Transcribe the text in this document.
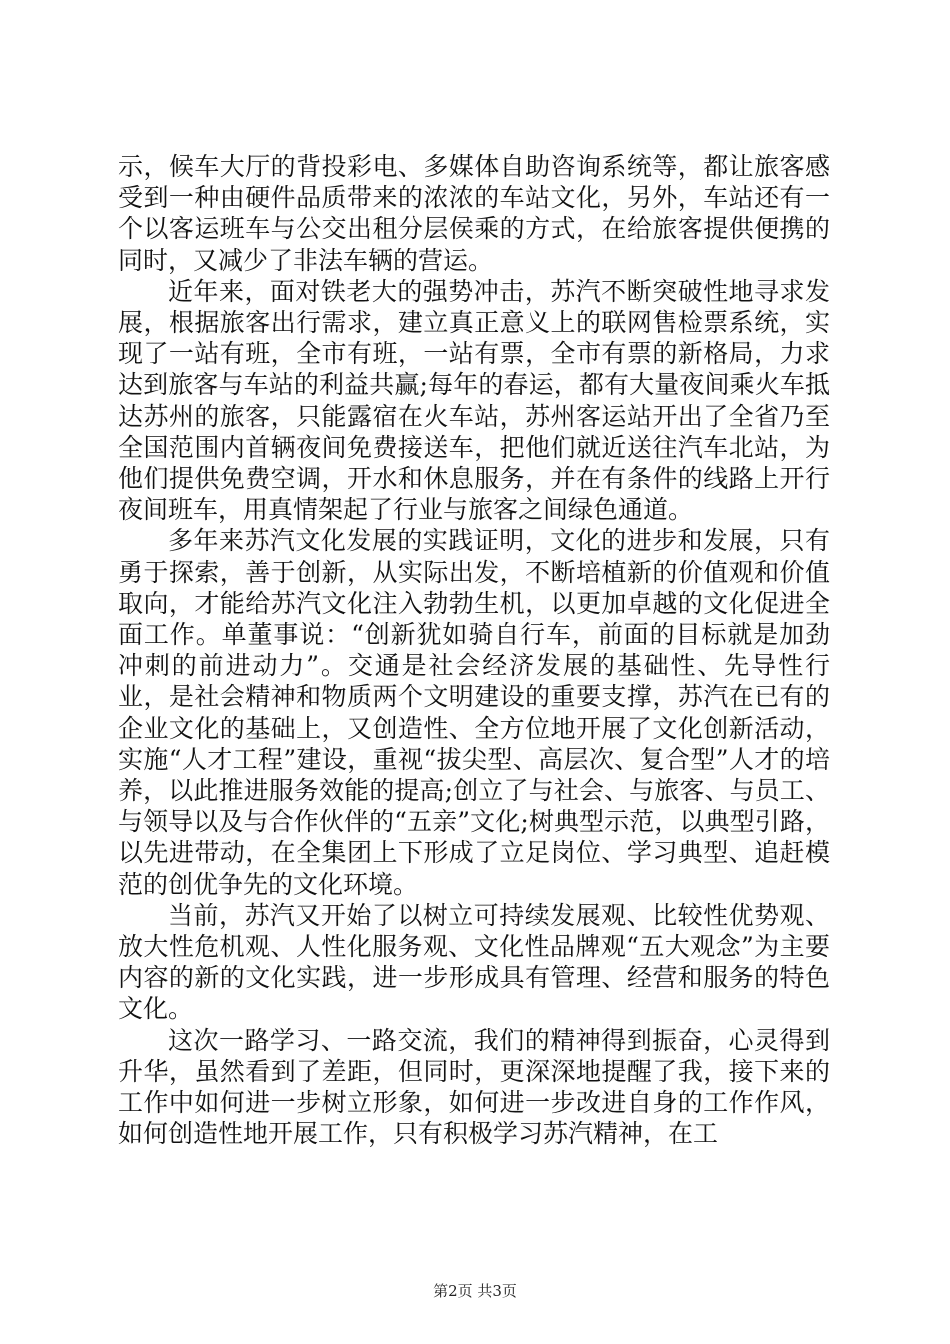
示，候车大厅的背投彩电、多媒体自助咨询系统等，都让旅客感受到一种由硬件品质带来的浓浓的车站文化，另外，车站还有一个以客运班车与公交出租分层侯乘的方式，在给旅客提供便携的同时，又减少了非法车辆的营运。

近年来，面对铁老大的强势冲击，苏汽不断突破性地寻求发展，根据旅客出行需求，建立真正意义上的联网售检票系统，实现了一站有班，全市有班，一站有票，全市有票的新格局，力求达到旅客与车站的利益共赢;每年的春运，都有大量夜间乘火车抵达苏州的旅客，只能露宿在火车站，苏州客运站开出了全省乃至全国范围内首辆夜间免费接送车，把他们就近送往汽车北站，为他们提供免费空调，开水和休息服务，并在有条件的线路上开行夜间班车，用真情架起了行业与旅客之间绿色通道。

多年来苏汽文化发展的实践证明，文化的进步和发展，只有勇于探索，善于创新，从实际出发，不断培植新的价值观和价值取向，才能给苏汽文化注入勃勃生机，以更加卓越的文化促进全面工作。单董事说：“创新犹如骑自行车，前面的目标就是加劲冲刺的前进动力”。交通是社会经济发展的基础性、先导性行业，是社会精神和物质两个文明建设的重要支撑，苏汽在已有的企业文化的基础上，又创造性、全方位地开展了文化创新活动，实施“人才工程”建设，重视“拔尖型、高层次、复合型”人才的培养，以此推进服务效能的提高;创立了与社会、与旅客、与员工、与领导以及与合作伙伴的“五亲”文化;树典型示范，以典型引路，以先进带动，在全集团上下形成了立足岗位、学习典型、追赶模范的创优争先的文化环境。

当前，苏汽又开始了以树立可持续发展观、比较性优势观、放大性危机观、人性化服务观、文化性品牌观“五大观念”为主要内容的新的文化实践，进一步形成具有管理、经营和服务的特色文化。

这次一路学习、一路交流，我们的精神得到振奋，心灵得到升华，虽然看到了差距，但同时，更深深地提醒了我，接下来的工作中如何进一步树立形象，如何进一步改进自身的工作作风，如何创造性地开展工作，只有积极学习苏汽精神，在工

第2页 共3页
